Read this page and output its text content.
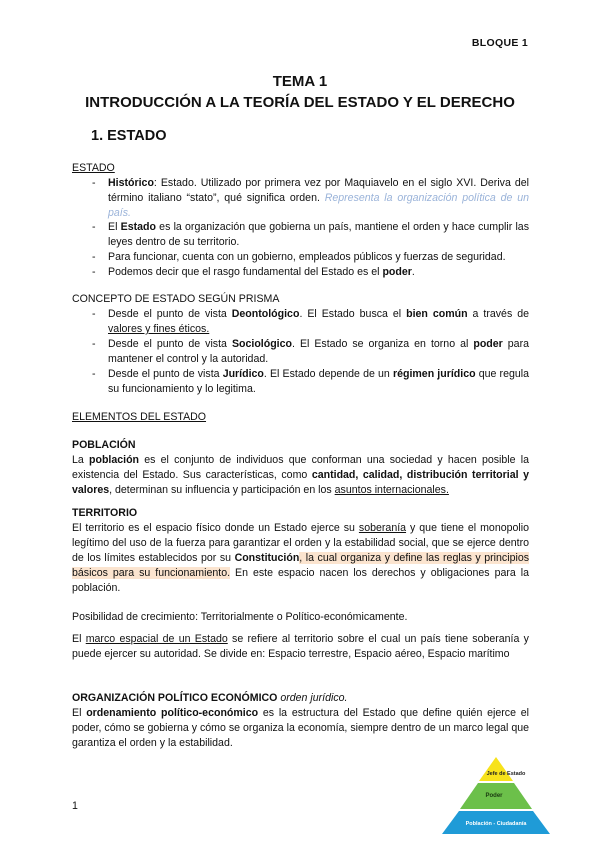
BLOQUE 1
TEMA 1
INTRODUCCIÓN A LA TEORÍA DEL ESTADO Y EL DERECHO
1. ESTADO
ESTADO
- Histórico: Estado. Utilizado por primera vez por Maquiavelo en el siglo XVI. Deriva del término italiano “stato”, qué significa orden. Representa la organización política de un país.
- El Estado es la organización que gobierna un país, mantiene el orden y hace cumplir las leyes dentro de su territorio.
- Para funcionar, cuenta con un gobierno, empleados públicos y fuerzas de seguridad.
- Podemos decir que el rasgo fundamental del Estado es el poder.
CONCEPTO DE ESTADO SEGÚN PRISMA
- Desde el punto de vista Deontológico. El Estado busca el bien común a través de valores y fines éticos.
- Desde el punto de vista Sociológico. El Estado se organiza en torno al poder para mantener el control y la autoridad.
- Desde el punto de vista Jurídico. El Estado depende de un régimen jurídico que regula su funcionamiento y lo legitima.
ELEMENTOS DEL ESTADO
POBLACIÓN
La población es el conjunto de individuos que conforman una sociedad y hacen posible la existencia del Estado. Sus características, como cantidad, calidad, distribución territorial y valores, determinan su influencia y participación en los asuntos internacionales.
TERRITORIO
El territorio es el espacio físico donde un Estado ejerce su soberanía y que tiene el monopolio legítimo del uso de la fuerza para garantizar el orden y la estabilidad social, que se ejerce dentro de los límites establecidos por su Constitución, la cual organiza y define las reglas y principios básicos para su funcionamiento. En este espacio nacen los derechos y obligaciones para la población.
Posibilidad de crecimiento: Territorialmente o Político-económicamente.
El marco espacial de un Estado se refiere al territorio sobre el cual un país tiene soberanía y puede ejercer su autoridad. Se divide en: Espacio terrestre, Espacio aéreo, Espacio marítimo
ORGANIZACIÓN POLÍTICO ECONÓMICO orden jurídico.
El ordenamiento político-económico es la estructura del Estado que define quién ejerce el poder, cómo se gobierna y cómo se organiza la economía, siempre dentro de un marco legal que garantiza el orden y la estabilidad.
1
Jefe de Estado
Poder
Población - Ciudadanía
